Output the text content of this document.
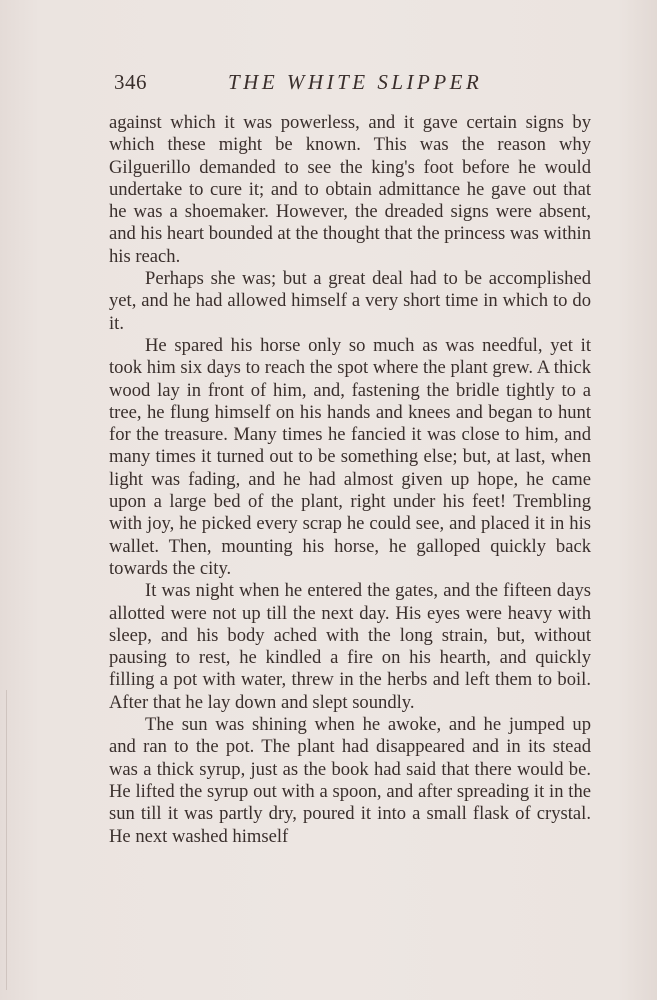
346	THE WHITE SLIPPER

against which it was powerless, and it gave certain signs by which these might be known. This was the reason why Gilguerillo demanded to see the king's foot before he would undertake to cure it; and to obtain admittance he gave out that he was a shoemaker. However, the dreaded signs were absent, and his heart bounded at the thought that the princess was within his reach.

Perhaps she was; but a great deal had to be accomplished yet, and he had allowed himself a very short time in which to do it.

He spared his horse only so much as was needful, yet it took him six days to reach the spot where the plant grew. A thick wood lay in front of him, and, fastening the bridle tightly to a tree, he flung himself on his hands and knees and began to hunt for the treasure. Many times he fancied it was close to him, and many times it turned out to be something else; but, at last, when light was fading, and he had almost given up hope, he came upon a large bed of the plant, right under his feet! Trembling with joy, he picked every scrap he could see, and placed it in his wallet. Then, mounting his horse, he galloped quickly back towards the city.

It was night when he entered the gates, and the fifteen days allotted were not up till the next day. His eyes were heavy with sleep, and his body ached with the long strain, but, without pausing to rest, he kindled a fire on his hearth, and quickly filling a pot with water, threw in the herbs and left them to boil. After that he lay down and slept soundly.

The sun was shining when he awoke, and he jumped up and ran to the pot. The plant had disappeared and in its stead was a thick syrup, just as the book had said that there would be. He lifted the syrup out with a spoon, and after spreading it in the sun till it was partly dry, poured it into a small flask of crystal. He next washed himself
